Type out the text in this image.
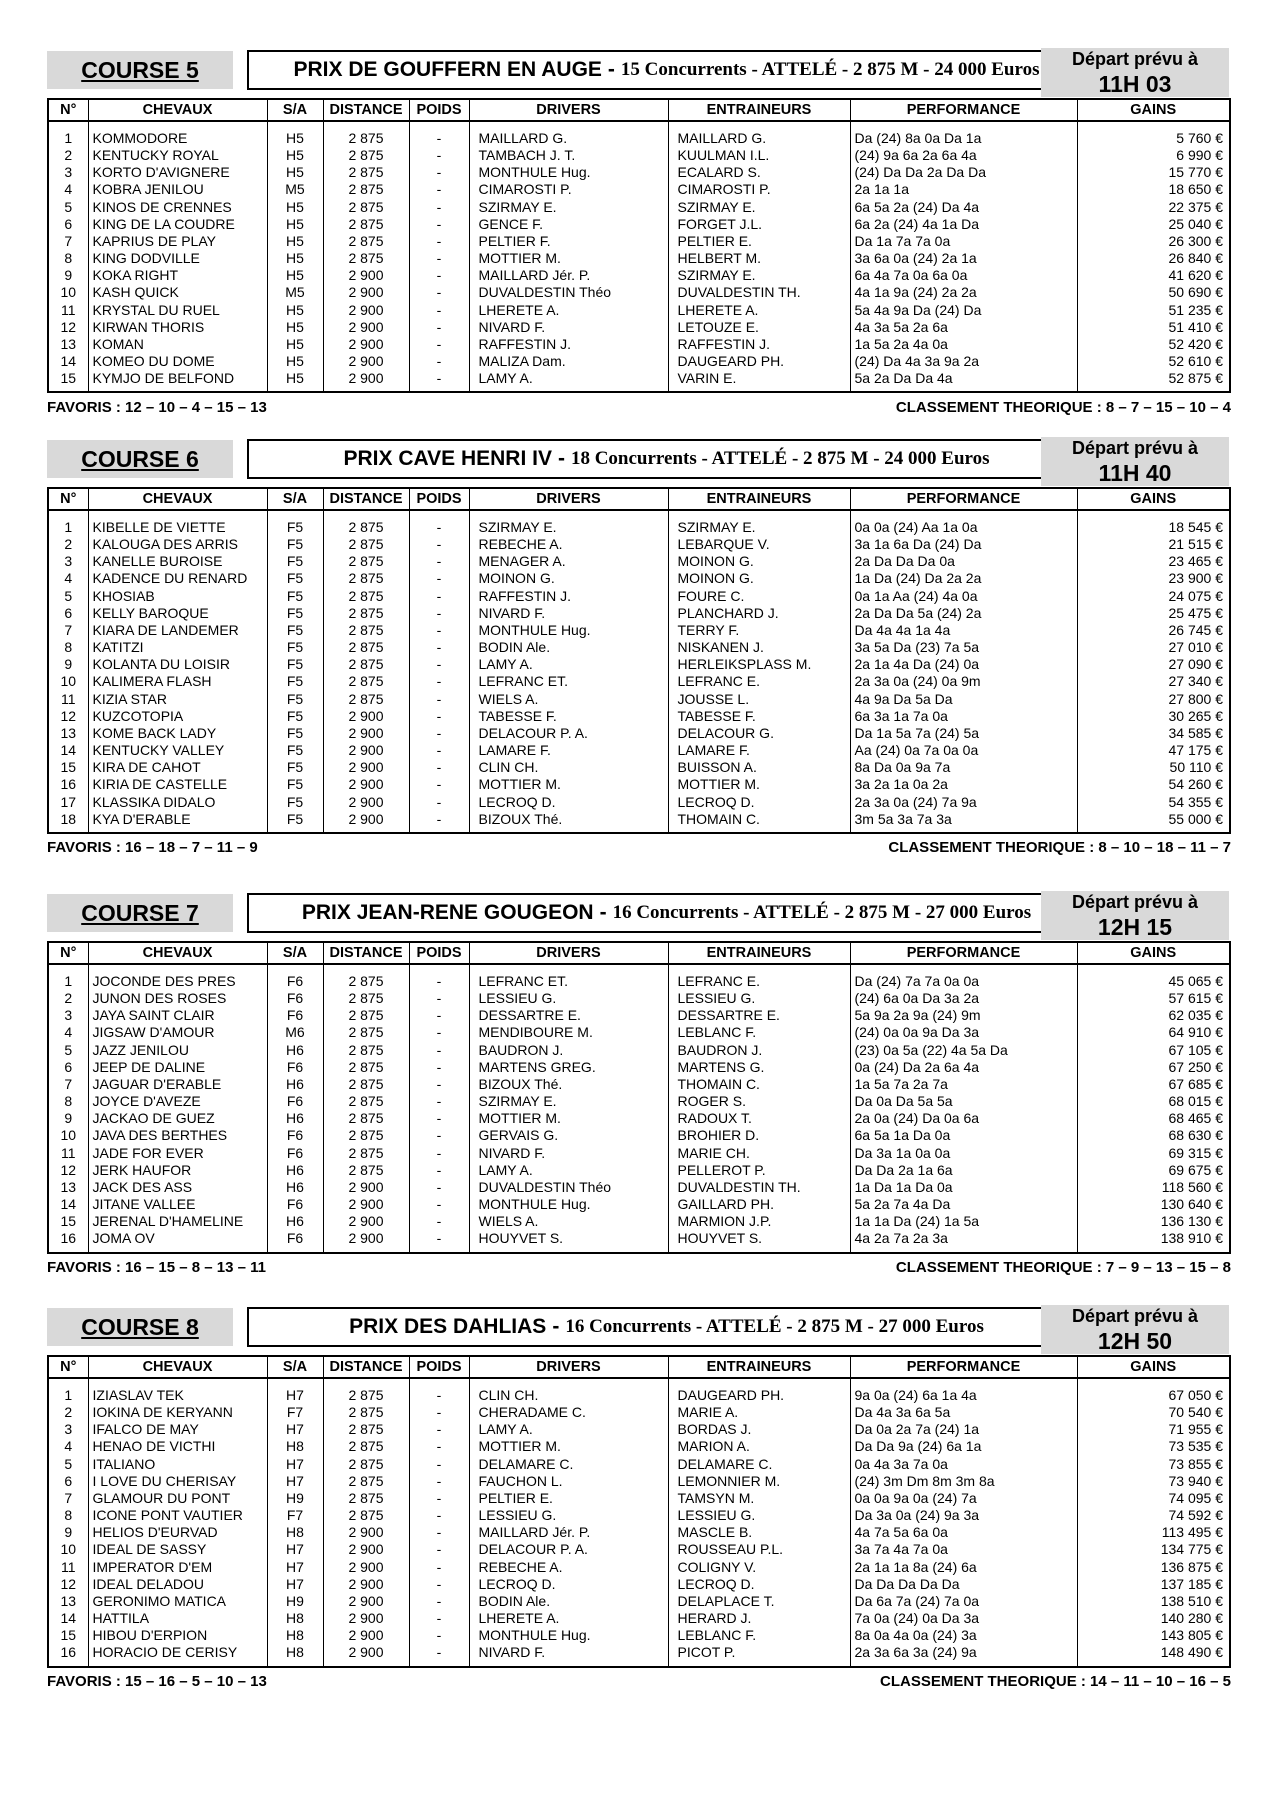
COURSE 5	PRIX DE GOUFFERN EN AUGE - 15 Concurrents - ATTELÉ - 2 875 M - 24 000 Euros	Départ prévu à
11H 03
N°	CHEVAUX	S/A	DISTANCE	POIDS	DRIVERS	ENTRAINEURS	PERFORMANCE	GAINS
1	KOMMODORE	H5	2 875	-	MAILLARD G.	MAILLARD G.	Da (24) 8a 0a Da 1a	5 760 €
2	KENTUCKY ROYAL	H5	2 875	-	TAMBACH J. T.	KUULMAN I.L.	(24) 9a 6a 2a 6a 4a	6 990 €
3	KORTO D'AVIGNERE	H5	2 875	-	MONTHULE Hug.	ECALARD S.	(24) Da Da 2a Da Da	15 770 €
4	KOBRA JENILOU	M5	2 875	-	CIMAROSTI P.	CIMAROSTI P.	2a 1a 1a	18 650 €
5	KINOS DE CRENNES	H5	2 875	-	SZIRMAY E.	SZIRMAY E.	6a 5a 2a (24) Da 4a	22 375 €
6	KING DE LA COUDRE	H5	2 875	-	GENCE F.	FORGET J.L.	6a 2a (24) 4a 1a Da	25 040 €
7	KAPRIUS DE PLAY	H5	2 875	-	PELTIER F.	PELTIER E.	Da 1a 7a 7a 0a	26 300 €
8	KING DODVILLE	H5	2 875	-	MOTTIER M.	HELBERT M.	3a 6a 0a (24) 2a 1a	26 840 €
9	KOKA RIGHT	H5	2 900	-	MAILLARD Jér. P.	SZIRMAY E.	6a 4a 7a 0a 6a 0a	41 620 €
10	KASH QUICK	M5	2 900	-	DUVALDESTIN Théo	DUVALDESTIN TH.	4a 1a 9a (24) 2a 2a	50 690 €
11	KRYSTAL DU RUEL	H5	2 900	-	LHERETE A.	LHERETE A.	5a 4a 9a Da (24) Da	51 235 €
12	KIRWAN THORIS	H5	2 900	-	NIVARD F.	LETOUZE E.	4a 3a 5a 2a 6a	51 410 €
13	KOMAN	H5	2 900	-	RAFFESTIN J.	RAFFESTIN J.	1a 5a 2a 4a 0a	52 420 €
14	KOMEO DU DOME	H5	2 900	-	MALIZA Dam.	DAUGEARD PH.	(24) Da 4a 3a 9a 2a	52 610 €
15	KYMJO DE BELFOND	H5	2 900	-	LAMY A.	VARIN E.	5a 2a Da Da 4a	52 875 €
FAVORIS : 12 – 10 – 4 – 15 – 13	CLASSEMENT THEORIQUE : 8 – 7 – 15 – 10 – 4
COURSE 6	PRIX CAVE HENRI IV - 18 Concurrents - ATTELÉ - 2 875 M - 24 000 Euros	Départ prévu à
11H 40
N°	CHEVAUX	S/A	DISTANCE	POIDS	DRIVERS	ENTRAINEURS	PERFORMANCE	GAINS
1	KIBELLE DE VIETTE	F5	2 875	-	SZIRMAY E.	SZIRMAY E.	0a 0a (24) Aa 1a 0a	18 545 €
2	KALOUGA DES ARRIS	F5	2 875	-	REBECHE A.	LEBARQUE V.	3a 1a 6a Da (24) Da	21 515 €
3	KANELLE BUROISE	F5	2 875	-	MENAGER A.	MOINON G.	2a Da Da Da 0a	23 465 €
4	KADENCE DU RENARD	F5	2 875	-	MOINON G.	MOINON G.	1a Da (24) Da 2a 2a	23 900 €
5	KHOSIAB	F5	2 875	-	RAFFESTIN J.	FOURE C.	0a 1a Aa (24) 4a 0a	24 075 €
6	KELLY BAROQUE	F5	2 875	-	NIVARD F.	PLANCHARD J.	2a Da Da 5a (24) 2a	25 475 €
7	KIARA DE LANDEMER	F5	2 875	-	MONTHULE Hug.	TERRY F.	Da 4a 4a 1a 4a	26 745 €
8	KATITZI	F5	2 875	-	BODIN Ale.	NISKANEN J.	3a 5a Da (23) 7a 5a	27 010 €
9	KOLANTA DU LOISIR	F5	2 875	-	LAMY A.	HERLEIKSPLASS M.	2a 1a 4a Da (24) 0a	27 090 €
10	KALIMERA FLASH	F5	2 875	-	LEFRANC ET.	LEFRANC E.	2a 3a 0a (24) 0a 9m	27 340 €
11	KIZIA STAR	F5	2 875	-	WIELS A.	JOUSSE L.	4a 9a Da 5a Da	27 800 €
12	KUZCOTOPIA	F5	2 900	-	TABESSE F.	TABESSE F.	6a 3a 1a 7a 0a	30 265 €
13	KOME BACK LADY	F5	2 900	-	DELACOUR P. A.	DELACOUR G.	Da 1a 5a 7a (24) 5a	34 585 €
14	KENTUCKY VALLEY	F5	2 900	-	LAMARE F.	LAMARE F.	Aa (24) 0a 7a 0a 0a	47 175 €
15	KIRA DE CAHOT	F5	2 900	-	CLIN CH.	BUISSON A.	8a Da 0a 9a 7a	50 110 €
16	KIRIA DE CASTELLE	F5	2 900	-	MOTTIER M.	MOTTIER M.	3a 2a 1a 0a 2a	54 260 €
17	KLASSIKA DIDALO	F5	2 900	-	LECROQ D.	LECROQ D.	2a 3a 0a (24) 7a 9a	54 355 €
18	KYA D'ERABLE	F5	2 900	-	BIZOUX Thé.	THOMAIN C.	3m 5a 3a 7a 3a	55 000 €
FAVORIS : 16 – 18 – 7 – 11 – 9	CLASSEMENT THEORIQUE : 8 – 10 – 18 – 11 – 7
COURSE 7	PRIX JEAN-RENE GOUGEON - 16 Concurrents - ATTELÉ - 2 875 M - 27 000 Euros	Départ prévu à
12H 15
N°	CHEVAUX	S/A	DISTANCE	POIDS	DRIVERS	ENTRAINEURS	PERFORMANCE	GAINS
1	JOCONDE DES PRES	F6	2 875	-	LEFRANC ET.	LEFRANC E.	Da (24) 7a 7a 0a 0a	45 065 €
2	JUNON DES ROSES	F6	2 875	-	LESSIEU G.	LESSIEU G.	(24) 6a 0a Da 3a 2a	57 615 €
3	JAYA SAINT CLAIR	F6	2 875	-	DESSARTRE E.	DESSARTRE E.	5a 9a 2a 9a (24) 9m	62 035 €
4	JIGSAW D'AMOUR	M6	2 875	-	MENDIBOURE M.	LEBLANC F.	(24) 0a 0a 9a Da 3a	64 910 €
5	JAZZ JENILOU	H6	2 875	-	BAUDRON J.	BAUDRON J.	(23) 0a 5a (22) 4a 5a Da	67 105 €
6	JEEP DE DALINE	F6	2 875	-	MARTENS GREG.	MARTENS G.	0a (24) Da 2a 6a 4a	67 250 €
7	JAGUAR D'ERABLE	H6	2 875	-	BIZOUX Thé.	THOMAIN C.	1a 5a 7a 2a 7a	67 685 €
8	JOYCE D'AVEZE	F6	2 875	-	SZIRMAY E.	ROGER S.	Da 0a Da 5a 5a	68 015 €
9	JACKAO DE GUEZ	H6	2 875	-	MOTTIER M.	RADOUX T.	2a 0a (24) Da 0a 6a	68 465 €
10	JAVA DES BERTHES	F6	2 875	-	GERVAIS G.	BROHIER D.	6a 5a 1a Da 0a	68 630 €
11	JADE FOR EVER	F6	2 875	-	NIVARD F.	MARIE CH.	Da 3a 1a 0a 0a	69 315 €
12	JERK HAUFOR	H6	2 875	-	LAMY A.	PELLEROT P.	Da Da 2a 1a 6a	69 675 €
13	JACK DES ASS	H6	2 900	-	DUVALDESTIN Théo	DUVALDESTIN TH.	1a Da 1a Da 0a	118 560 €
14	JITANE VALLEE	F6	2 900	-	MONTHULE Hug.	GAILLARD PH.	5a 2a 7a 4a Da	130 640 €
15	JERENAL D'HAMELINE	H6	2 900	-	WIELS A.	MARMION J.P.	1a 1a Da (24) 1a 5a	136 130 €
16	JOMA OV	F6	2 900	-	HOUYVET S.	HOUYVET S.	4a 2a 7a 2a 3a	138 910 €
FAVORIS : 16 – 15 – 8 – 13 – 11	CLASSEMENT THEORIQUE : 7 – 9 – 13 – 15 – 8
COURSE 8	PRIX DES DAHLIAS - 16 Concurrents - ATTELÉ - 2 875 M - 27 000 Euros	Départ prévu à
12H 50
N°	CHEVAUX	S/A	DISTANCE	POIDS	DRIVERS	ENTRAINEURS	PERFORMANCE	GAINS
1	IZIASLAV TEK	H7	2 875	-	CLIN CH.	DAUGEARD PH.	9a 0a (24) 6a 1a 4a	67 050 €
2	IOKINA DE KERYANN	F7	2 875	-	CHERADAME C.	MARIE A.	Da 4a 3a 6a 5a	70 540 €
3	IFALCO DE MAY	H7	2 875	-	LAMY A.	BORDAS J.	Da 0a 2a 7a (24) 1a	71 955 €
4	HENAO DE VICTHI	H8	2 875	-	MOTTIER M.	MARION A.	Da Da 9a (24) 6a 1a	73 535 €
5	ITALIANO	H7	2 875	-	DELAMARE C.	DELAMARE C.	0a 4a 3a 7a 0a	73 855 €
6	I LOVE DU CHERISAY	H7	2 875	-	FAUCHON L.	LEMONNIER M.	(24) 3m Dm 8m 3m 8a	73 940 €
7	GLAMOUR DU PONT	H9	2 875	-	PELTIER E.	TAMSYN M.	0a 0a 9a 0a (24) 7a	74 095 €
8	ICONE PONT VAUTIER	F7	2 875	-	LESSIEU G.	LESSIEU G.	Da 3a 0a (24) 9a 3a	74 592 €
9	HELIOS D'EURVAD	H8	2 900	-	MAILLARD Jér. P.	MASCLE B.	4a 7a 5a 6a 0a	113 495 €
10	IDEAL DE SASSY	H7	2 900	-	DELACOUR P. A.	ROUSSEAU P.L.	3a 7a 4a 7a 0a	134 775 €
11	IMPERATOR D'EM	H7	2 900	-	REBECHE A.	COLIGNY V.	2a 1a 1a 8a (24) 6a	136 875 €
12	IDEAL DELADOU	H7	2 900	-	LECROQ D.	LECROQ D.	Da Da Da Da Da	137 185 €
13	GERONIMO MATICA	H9	2 900	-	BODIN Ale.	DELAPLACE T.	Da 6a 7a (24) 7a 0a	138 510 €
14	HATTILA	H8	2 900	-	LHERETE A.	HERARD J.	7a 0a (24) 0a Da 3a	140 280 €
15	HIBOU D'ERPION	H8	2 900	-	MONTHULE Hug.	LEBLANC F.	8a 0a 4a 0a (24) 3a	143 805 €
16	HORACIO DE CERISY	H8	2 900	-	NIVARD F.	PICOT P.	2a 3a 6a 3a (24) 9a	148 490 €
FAVORIS : 15 – 16 – 5 – 10 – 13	CLASSEMENT THEORIQUE : 14 – 11 – 10 – 16 – 5
